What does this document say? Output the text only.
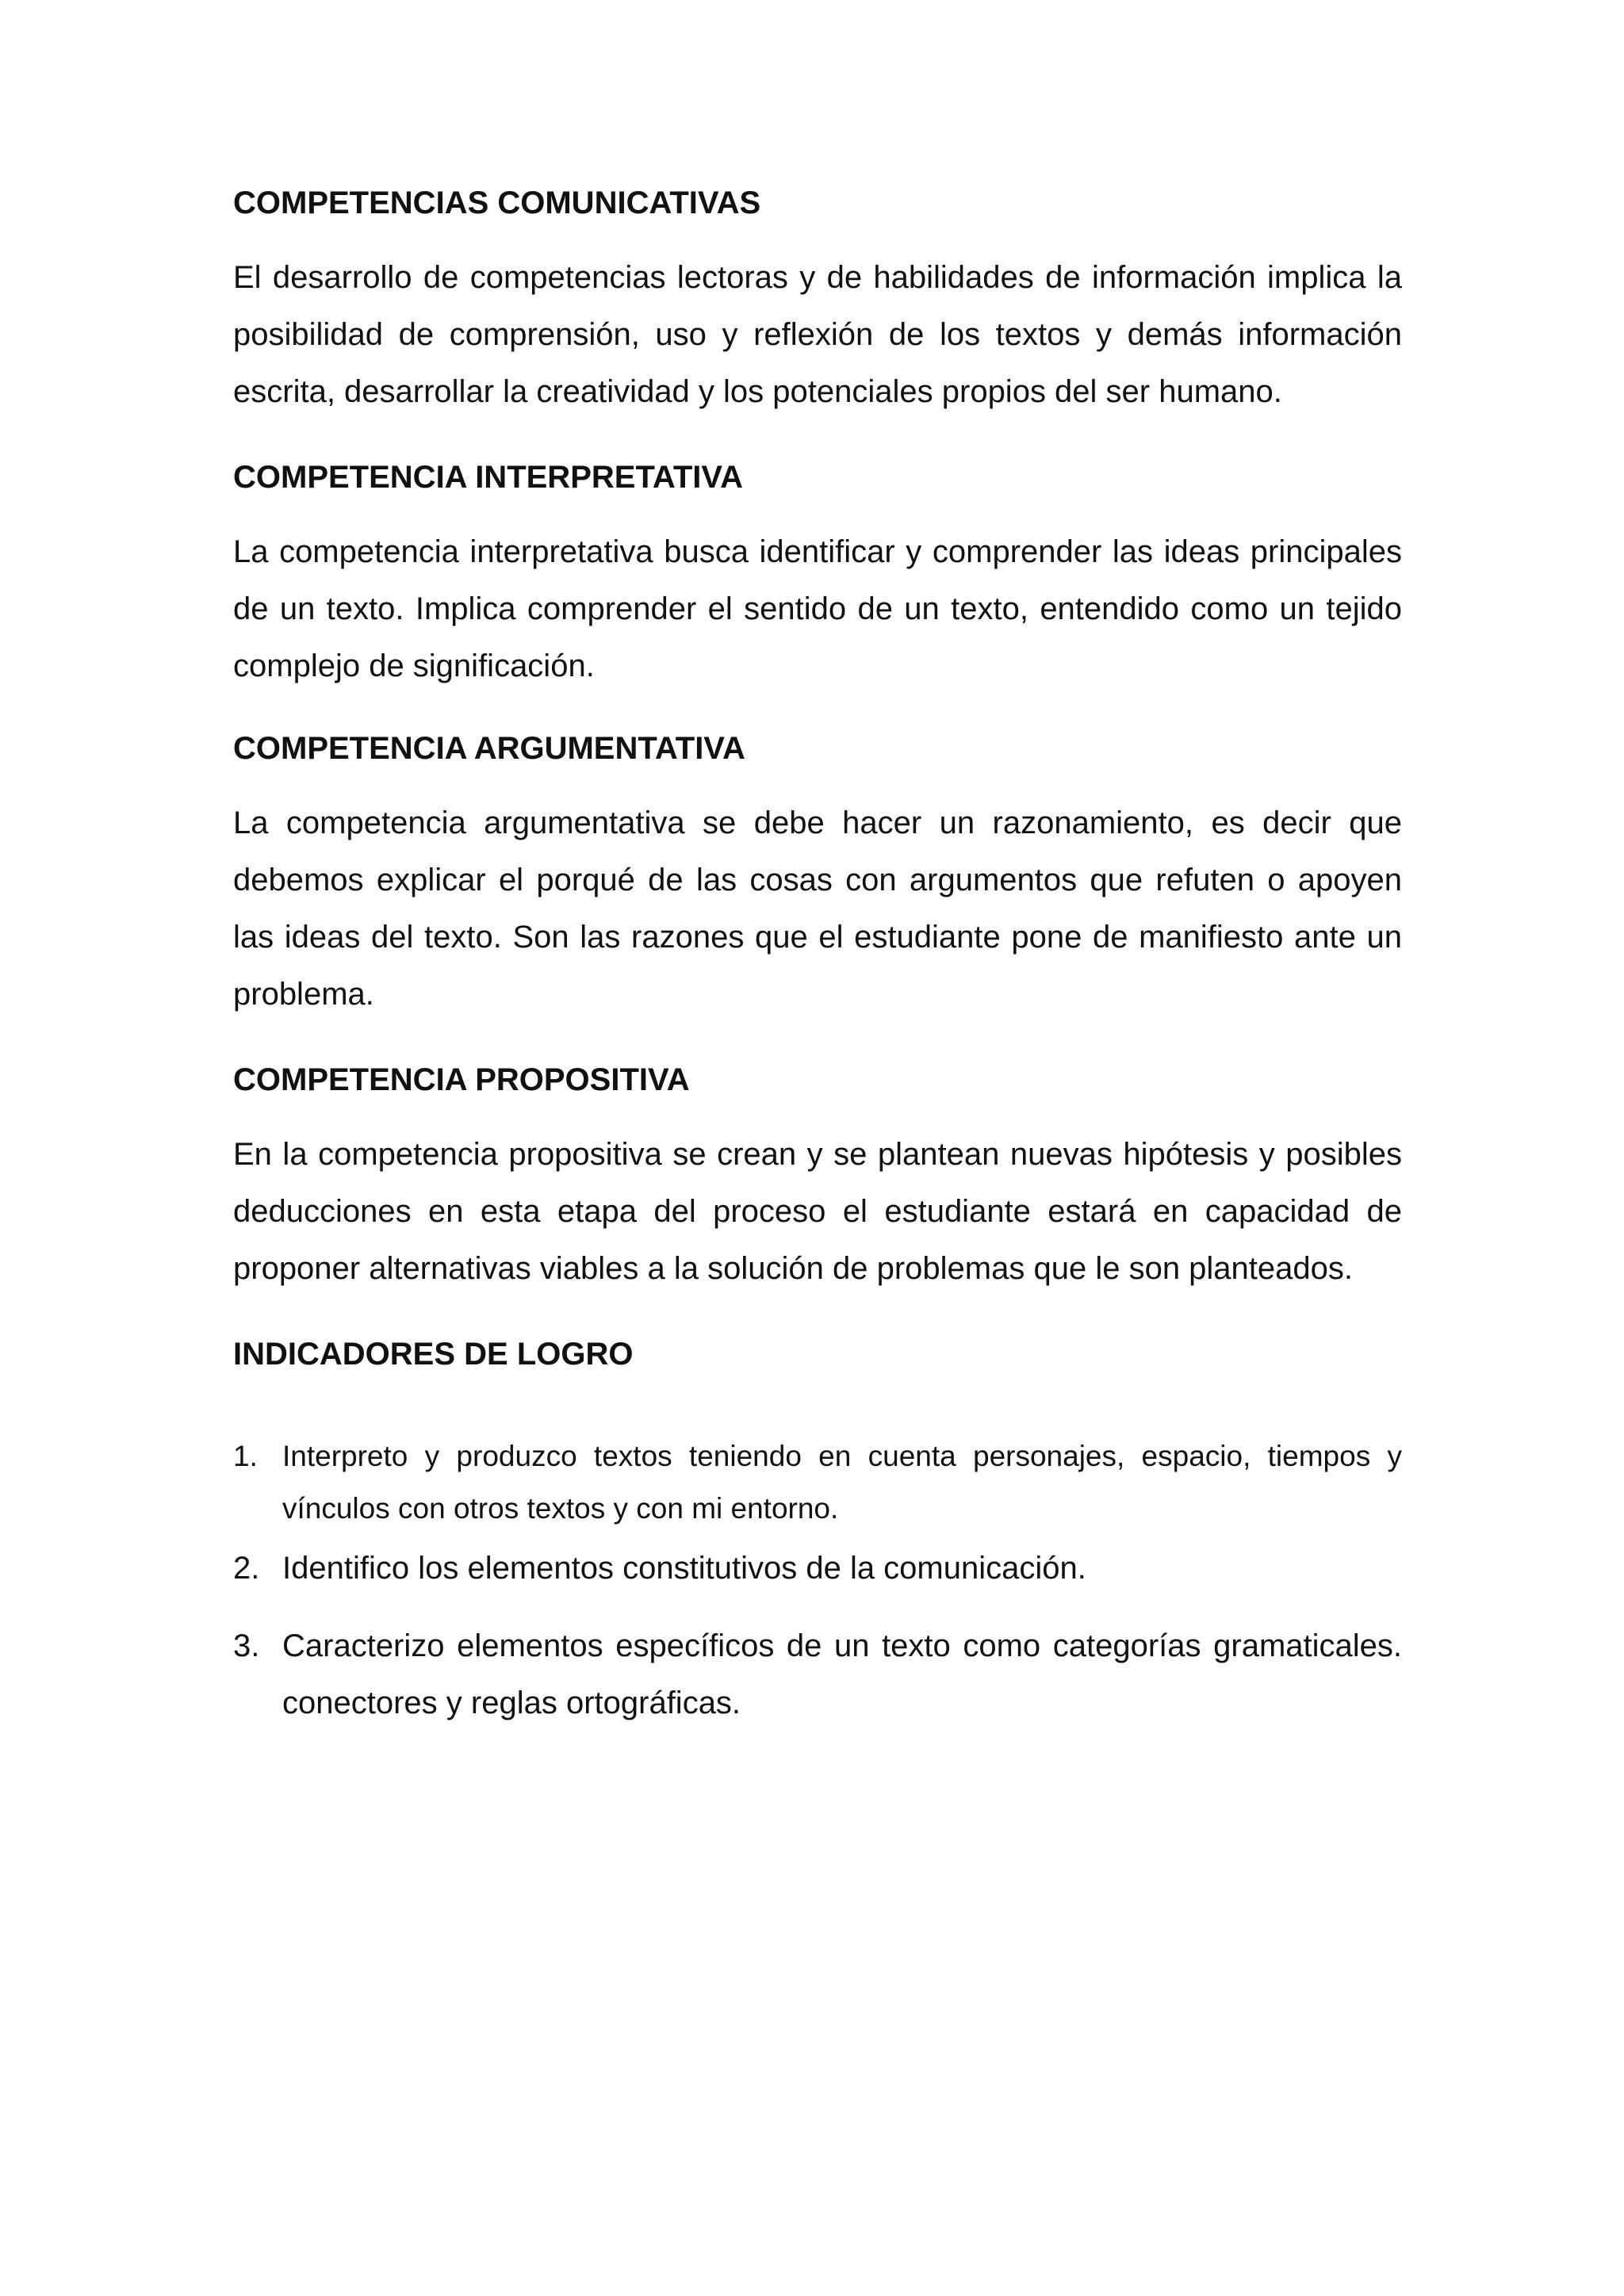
COMPETENCIAS COMUNICATIVAS

El desarrollo de competencias lectoras y de habilidades de información implica la posibilidad de comprensión, uso y reflexión de los textos y demás información escrita, desarrollar la creatividad y los potenciales propios del ser humano.

COMPETENCIA INTERPRETATIVA

La competencia interpretativa busca identificar y comprender las ideas principales de un texto. Implica comprender el sentido de un texto, entendido como un tejido complejo de significación.

COMPETENCIA ARGUMENTATIVA

La competencia argumentativa se debe hacer un razonamiento, es decir que debemos explicar el porqué de las cosas con argumentos que refuten o apoyen las ideas del texto. Son las razones que el estudiante pone de manifiesto ante un problema.

COMPETENCIA PROPOSITIVA

En la competencia propositiva se crean y se plantean nuevas hipótesis y posibles deducciones en esta etapa del proceso el estudiante estará en capacidad de proponer alternativas viables a la solución de problemas que le son planteados.

INDICADORES DE LOGRO
1. Interpreto y produzco textos teniendo en cuenta personajes, espacio, tiempos y vínculos con otros textos y con mi entorno.
2. Identifico los elementos constitutivos de la comunicación.
3. Caracterizo elementos específicos de un texto como categorías gramaticales. conectores y reglas ortográficas.
